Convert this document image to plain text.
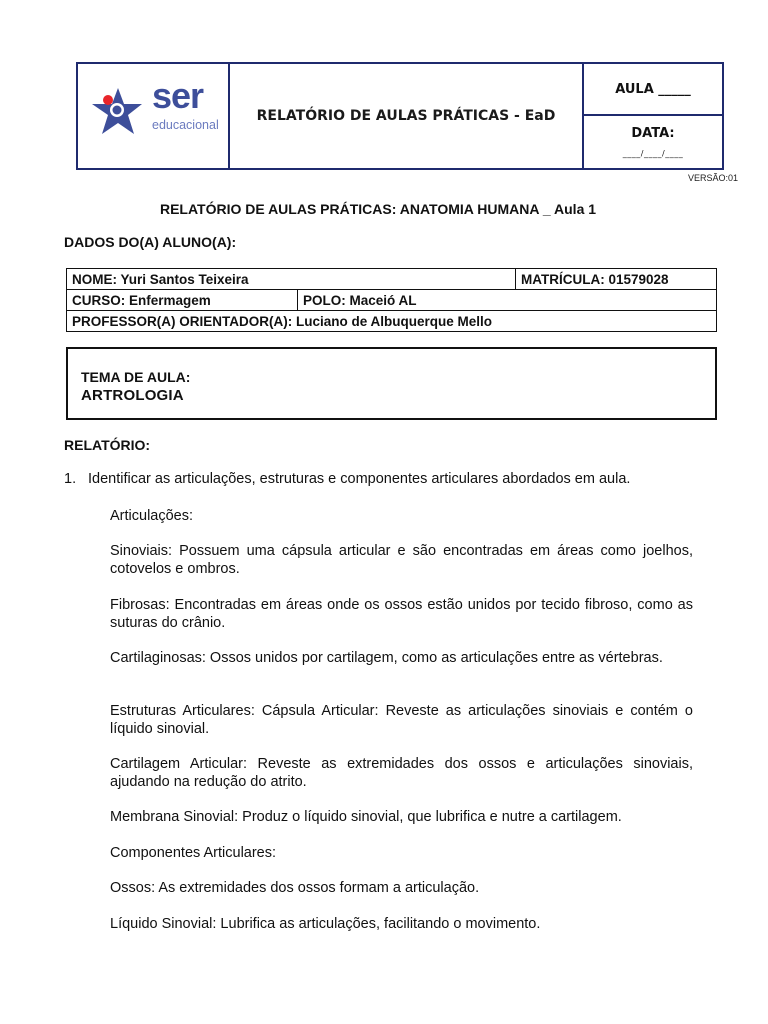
ser
educacional
RELATÓRIO DE AULAS PRÁTICAS - EaD
AULA _____
DATA:
____/____/____
VERSÃO:01
RELATÓRIO DE AULAS PRÁTICAS: ANATOMIA HUMANA _ Aula 1
DADOS DO(A) ALUNO(A):
NOME: Yuri Santos Teixeira		MATRÍCULA: 01579028
CURSO: Enfermagem	POLO: Maceió AL	
PROFESSOR(A) ORIENTADOR(A): Luciano de Albuquerque Mello		
TEMA DE AULA:
ARTROLOGIA
RELATÓRIO:
1. Identificar as articulações, estruturas e componentes articulares abordados em aula.
Articulações:
Sinoviais: Possuem uma cápsula articular e são encontradas em áreas como joelhos, cotovelos e ombros.
Fibrosas: Encontradas em áreas onde os ossos estão unidos por tecido fibroso, como as suturas do crânio.
Cartilaginosas: Ossos unidos por cartilagem, como as articulações entre as vértebras.
Estruturas Articulares: Cápsula Articular: Reveste as articulações sinoviais e contém o líquido sinovial.
Cartilagem Articular: Reveste as extremidades dos ossos e articulações sinoviais, ajudando na redução do atrito.
Membrana Sinovial: Produz o líquido sinovial, que lubrifica e nutre a cartilagem.
Componentes Articulares:
Ossos: As extremidades dos ossos formam a articulação.
Líquido Sinovial: Lubrifica as articulações, facilitando o movimento.
